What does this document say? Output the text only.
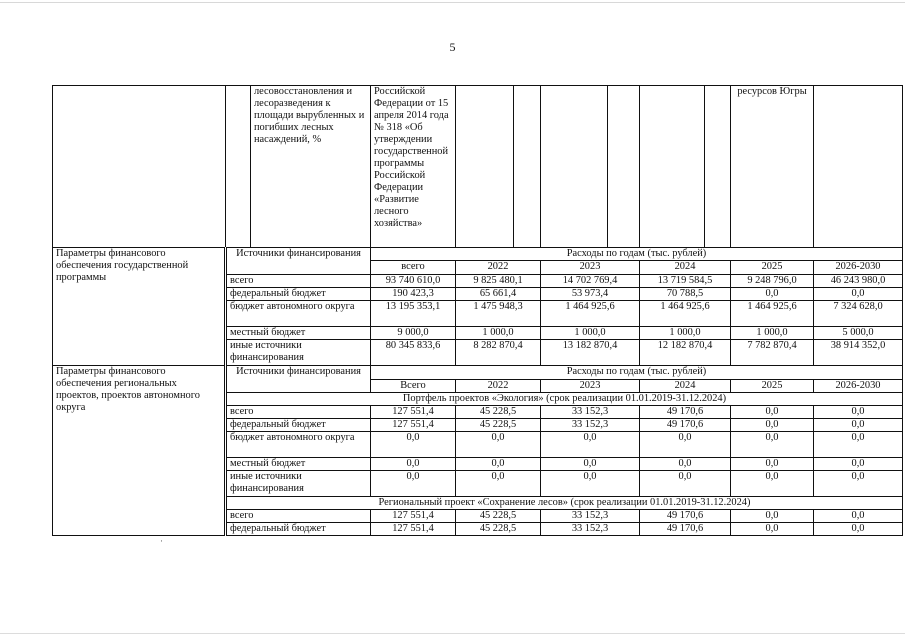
5
		лесовосстановления и лесоразведения к площади вырубленных и погибших лесных насаждений, %	Российской Федерации от 15 апреля 2014 года № 318 «Об утверждении государственной программы Российской Федерации «Развитие лесного хозяйства»							ресурсов Югры	
Параметры финансового обеспечения государственной программы	Источники финансирования		Расходы по годам (тыс. рублей)								
			всего	2022		2023		2024		2025	2026-2030
	всего		93 740 610,0	9 825 480,1		14 702 769,4		13 719 584,5		9 248 796,0	46 243 980,0
	федеральный бюджет		190 423,3	65 661,4		53 973,4		70 788,5		0,0	0,0
	бюджет автономного округа		13 195 353,1	1 475 948,3		1 464 925,6		1 464 925,6		1 464 925,6	7 324 628,0
	местный бюджет		9 000,0	1 000,0		1 000,0		1 000,0		1 000,0	5 000,0
	иные источники финансирования		80 345 833,6	8 282 870,4		13 182 870,4		12 182 870,4		7 782 870,4	38 914 352,0
Параметры финансового обеспечения региональных проектов, проектов автономного округа	Источники финансирования		Расходы по годам (тыс. рублей)								
			Всего	2022		2023		2024		2025	2026-2030
	Портфель проектов «Экология» (срок реализации 01.01.2019-31.12.2024)										
	всего		127 551,4	45 228,5		33 152,3		49 170,6		0,0	0,0
	федеральный бюджет		127 551,4	45 228,5		33 152,3		49 170,6		0,0	0,0
	бюджет автономного округа		0,0	0,0		0,0		0,0		0,0	0,0
	местный бюджет		0,0	0,0		0,0		0,0		0,0	0,0
	иные источники финансирования		0,0	0,0		0,0		0,0		0,0	0,0
	Региональный проект «Сохранение лесов» (срок реализации 01.01.2019-31.12.2024)										
	всего		127 551,4	45 228,5		33 152,3		49 170,6		0,0	0,0
	федеральный бюджет		127 551,4	45 228,5		33 152,3		49 170,6		0,0	0,0
·
